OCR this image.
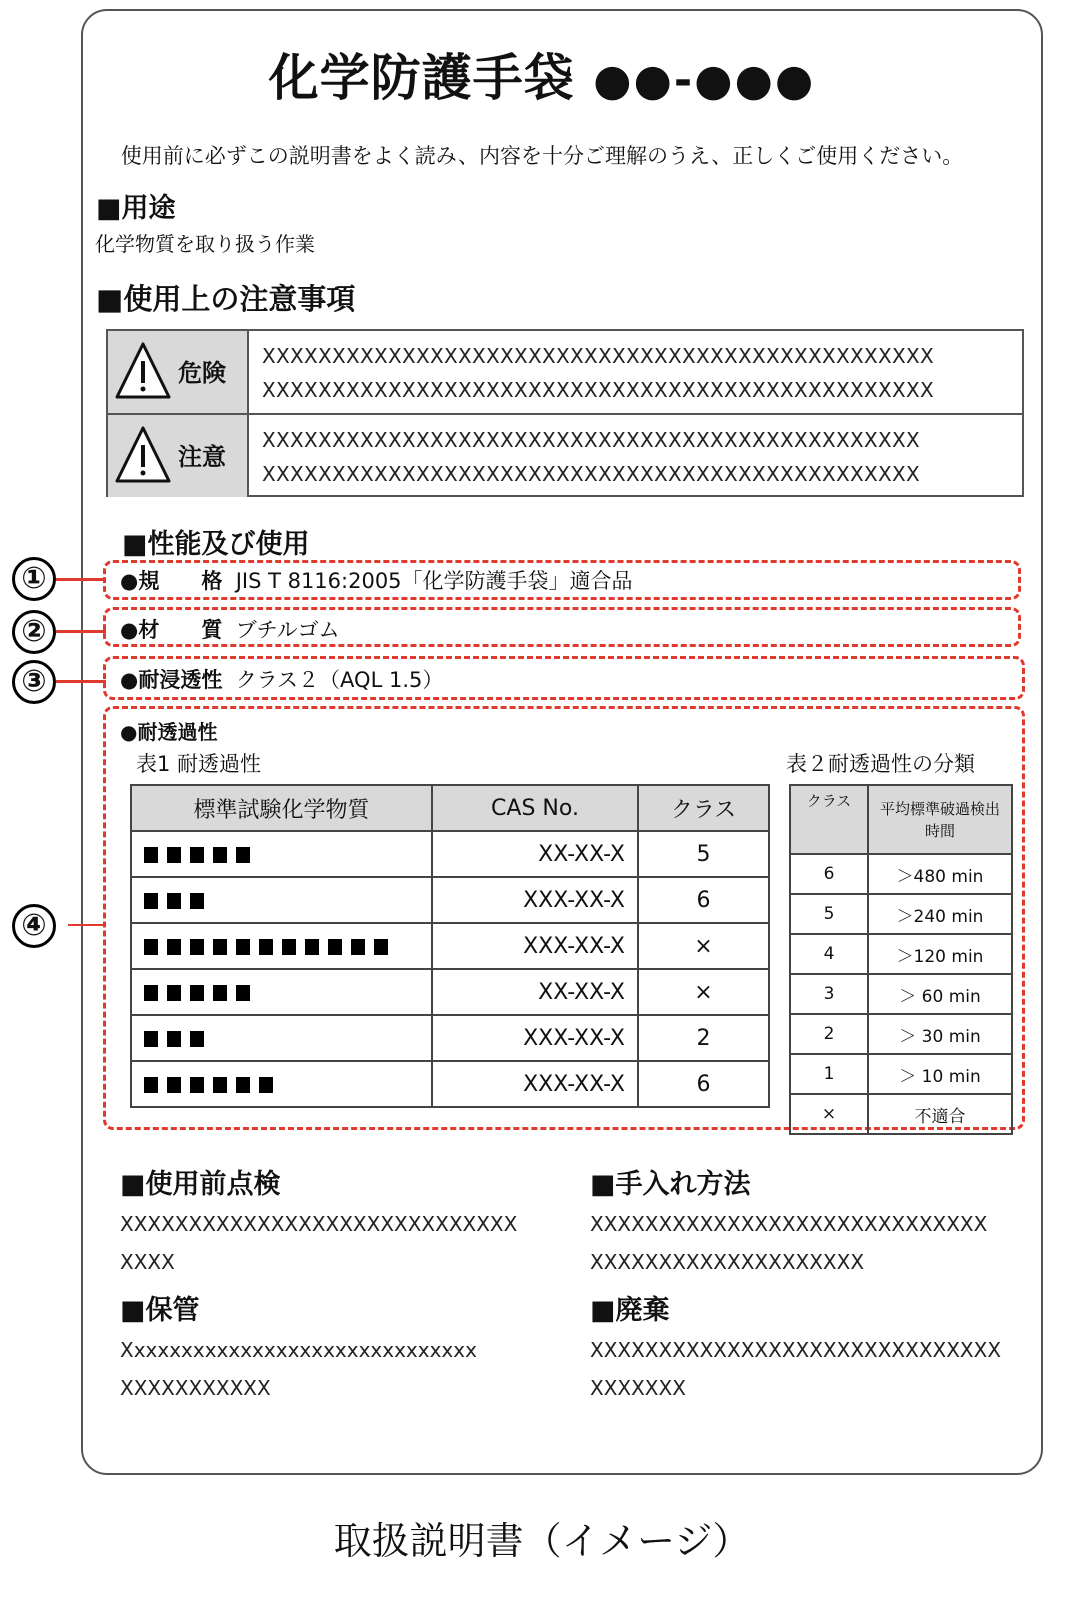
化学防護手袋 ●●-●●●
使用前に必ずこの説明書をよく読み、内容を十分ご理解のうえ、正しくご使用ください。
■用途
化学物質を取り扱う作業
■使用上の注意事項
危険
XXXXXXXXXXXXXXXXXXXXXXXXXXXXXXXXXXXXXXXXXXXXXXXX
XXXXXXXXXXXXXXXXXXXXXXXXXXXXXXXXXXXXXXXXXXXXXXXX
注意
XXXXXXXXXXXXXXXXXXXXXXXXXXXXXXXXXXXXXXXXXXXXXXX
XXXXXXXXXXXXXXXXXXXXXXXXXXXXXXXXXXXXXXXXXXXXXXX
■性能及び使用
①	●規　　格 JIS T 8116:2005「化学防護手袋」適合品
②	●材　　質 ブチルゴム
③	●耐浸透性 クラス２（AQL 1.5）
④
●耐透過性
表1 耐透過性	表２耐透過性の分類
標準試験化学物質	CAS No.	クラス
	XX-XX-X	5
	XXX-XX-X	6
	XXX-XX-X	×
	XX-XX-X	×
	XXX-XX-X	2
	XXX-XX-X	6
クラス	平均標準破過検出時間
6	＞480 min
5	＞240 min
4	＞120 min
3	＞ 60 min
2	＞ 30 min
1	＞ 10 min
×	不適合
■使用前点検
XXXXXXXXXXXXXXXXXXXXXXXXXXXXX
XXXX
■手入れ方法
XXXXXXXXXXXXXXXXXXXXXXXXXXXXX
XXXXXXXXXXXXXXXXXXXX
■保管
Xxxxxxxxxxxxxxxxxxxxxxxxxxxxxx
XXXXXXXXXXX
■廃棄
XXXXXXXXXXXXXXXXXXXXXXXXXXXXXX
XXXXXXX
取扱説明書（イメージ）
